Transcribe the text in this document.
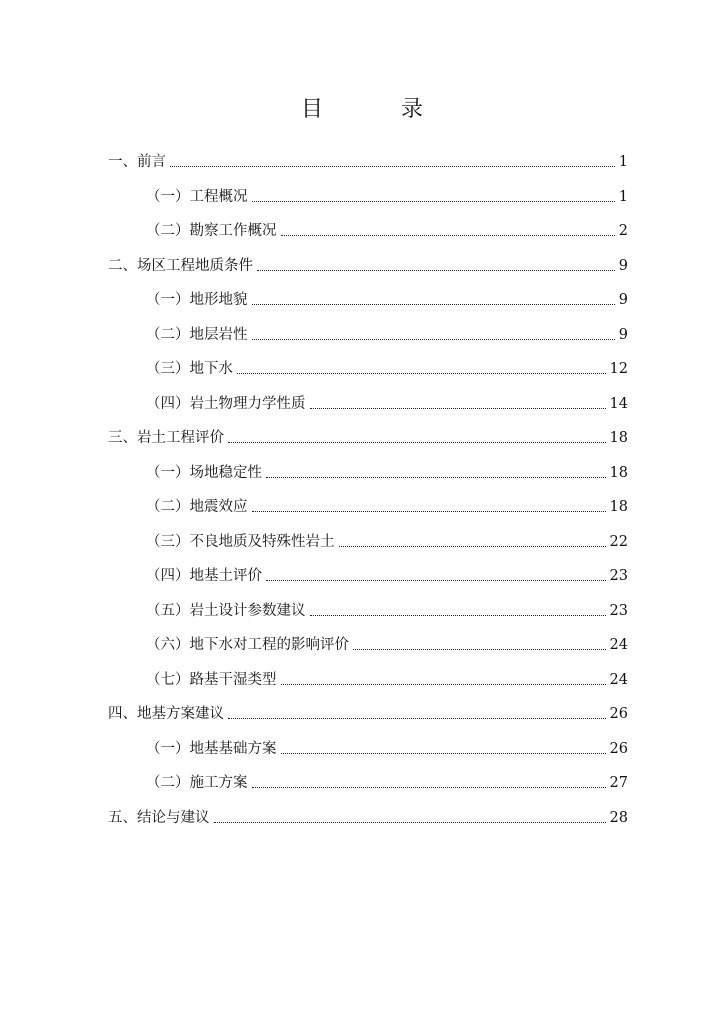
目　录
一、前言	1
（一）工程概况	1
（二）勘察工作概况	2
二、场区工程地质条件	9
（一）地形地貌	9
（二）地层岩性	9
（三）地下水	12
（四）岩土物理力学性质	14
三、岩土工程评价	18
（一）场地稳定性	18
（二）地震效应	18
（三）不良地质及特殊性岩土	22
（四）地基土评价	23
（五）岩土设计参数建议	23
（六）地下水对工程的影响评价	24
（七）路基干湿类型	24
四、地基方案建议	26
（一）地基基础方案	26
（二）施工方案	27
五、结论与建议	28
